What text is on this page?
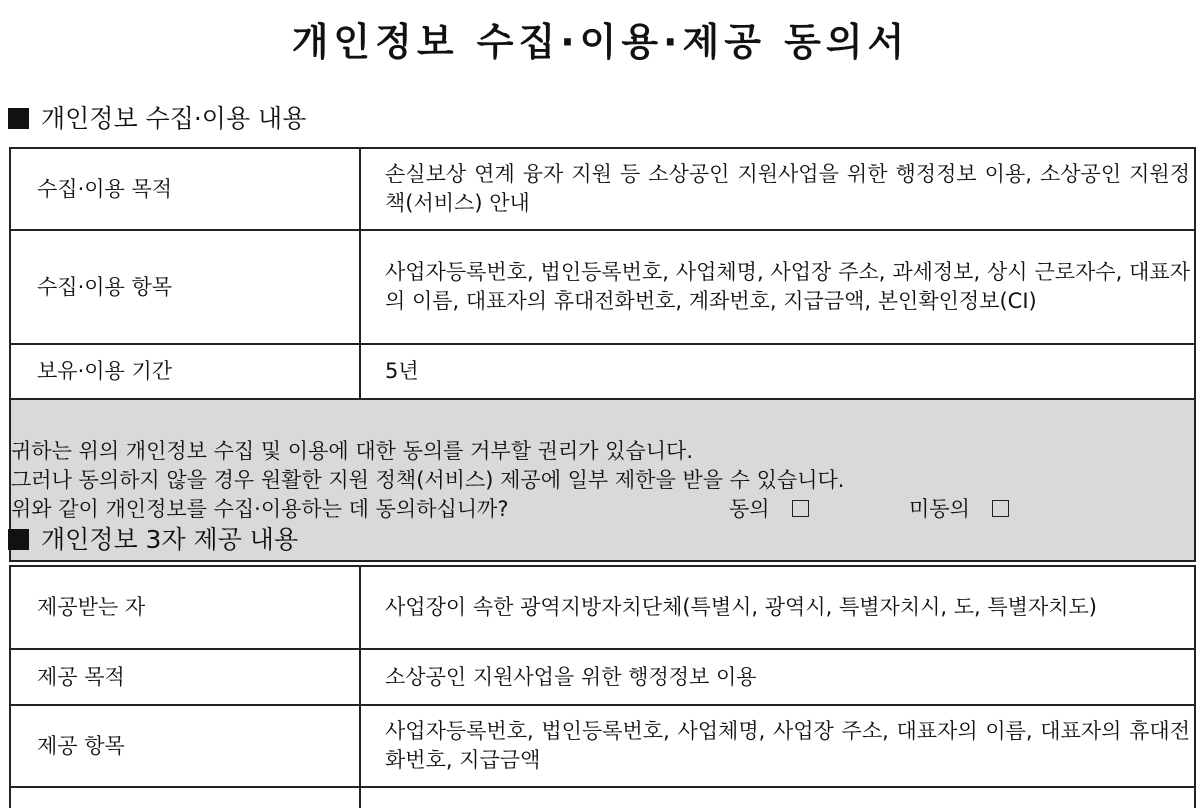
개인정보 수집·이용·제공 동의서
개인정보 수집·이용 내용
수집·이용 목적	손실보상 연계 융자 지원 등 소상공인 지원사업을 위한 행정정보 이용, 소상공인 지원정책(서비스) 안내
수집·이용 항목	사업자등록번호, 법인등록번호, 사업체명, 사업장 주소, 과세정보, 상시 근로자수, 대표자의 이름, 대표자의 휴대전화번호, 계좌번호, 지급금액, 본인확인정보(CI)
보유·이용 기간	5년

귀하는 위의 개인정보 수집 및 이용에 대한 동의를 거부할 권리가 있습니다.
그러나 동의하지 않을 경우 원활한 지원 정책(서비스) 제공에 일부 제한을 받을 수 있습니다.
위와 같이 개인정보를 수집·이용하는 데 동의하십니까? 동의 미동의	
개인정보 3자 제공 내용
제공받는 자	사업장이 속한 광역지방자치단체(특별시, 광역시, 특별자치시, 도, 특별자치도)
제공 목적	소상공인 지원사업을 위한 행정정보 이용
제공 항목	사업자등록번호, 법인등록번호, 사업체명, 사업장 주소, 대표자의 이름, 대표자의 휴대전화번호, 지급금액
